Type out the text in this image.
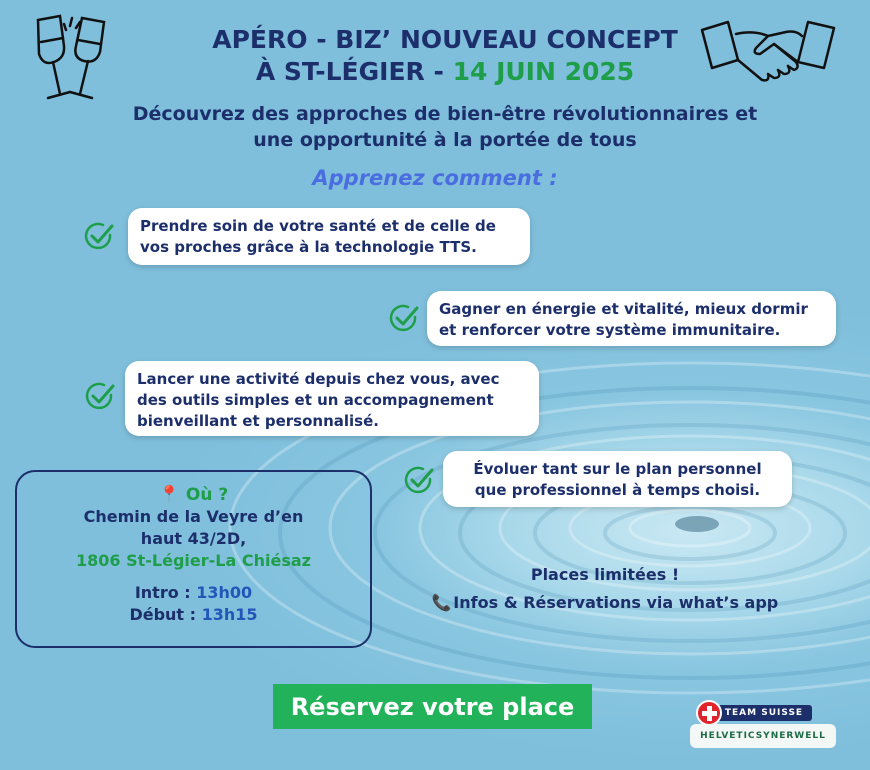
APÉRO - BIZ’ NOUVEAU CONCEPT
À ST-LÉGIER - 14 JUIN 2025
Découvrez des approches de bien-être révolutionnaires et
une opportunité à la portée de tous
Apprenez comment :
Prendre soin de votre santé et de celle de
vos proches grâce à la technologie TTS.
Gagner en énergie et vitalité, mieux dormir
et renforcer votre système immunitaire.
Lancer une activité depuis chez vous, avec
des outils simples et un accompagnement
bienveillant et personnalisé.
Évoluer tant sur le plan personnel
que professionnel à temps choisi.
📍 Où ?
Chemin de la Veyre d’en
haut 43/2D,
1806 St-Légier-La Chiésaz
Intro : 13h00
Début : 13h15
Places limitées !
📞 Infos & Réservations via what’s app
Réservez votre place	TEAM SUISSE
HELVETICSYNERWELL
